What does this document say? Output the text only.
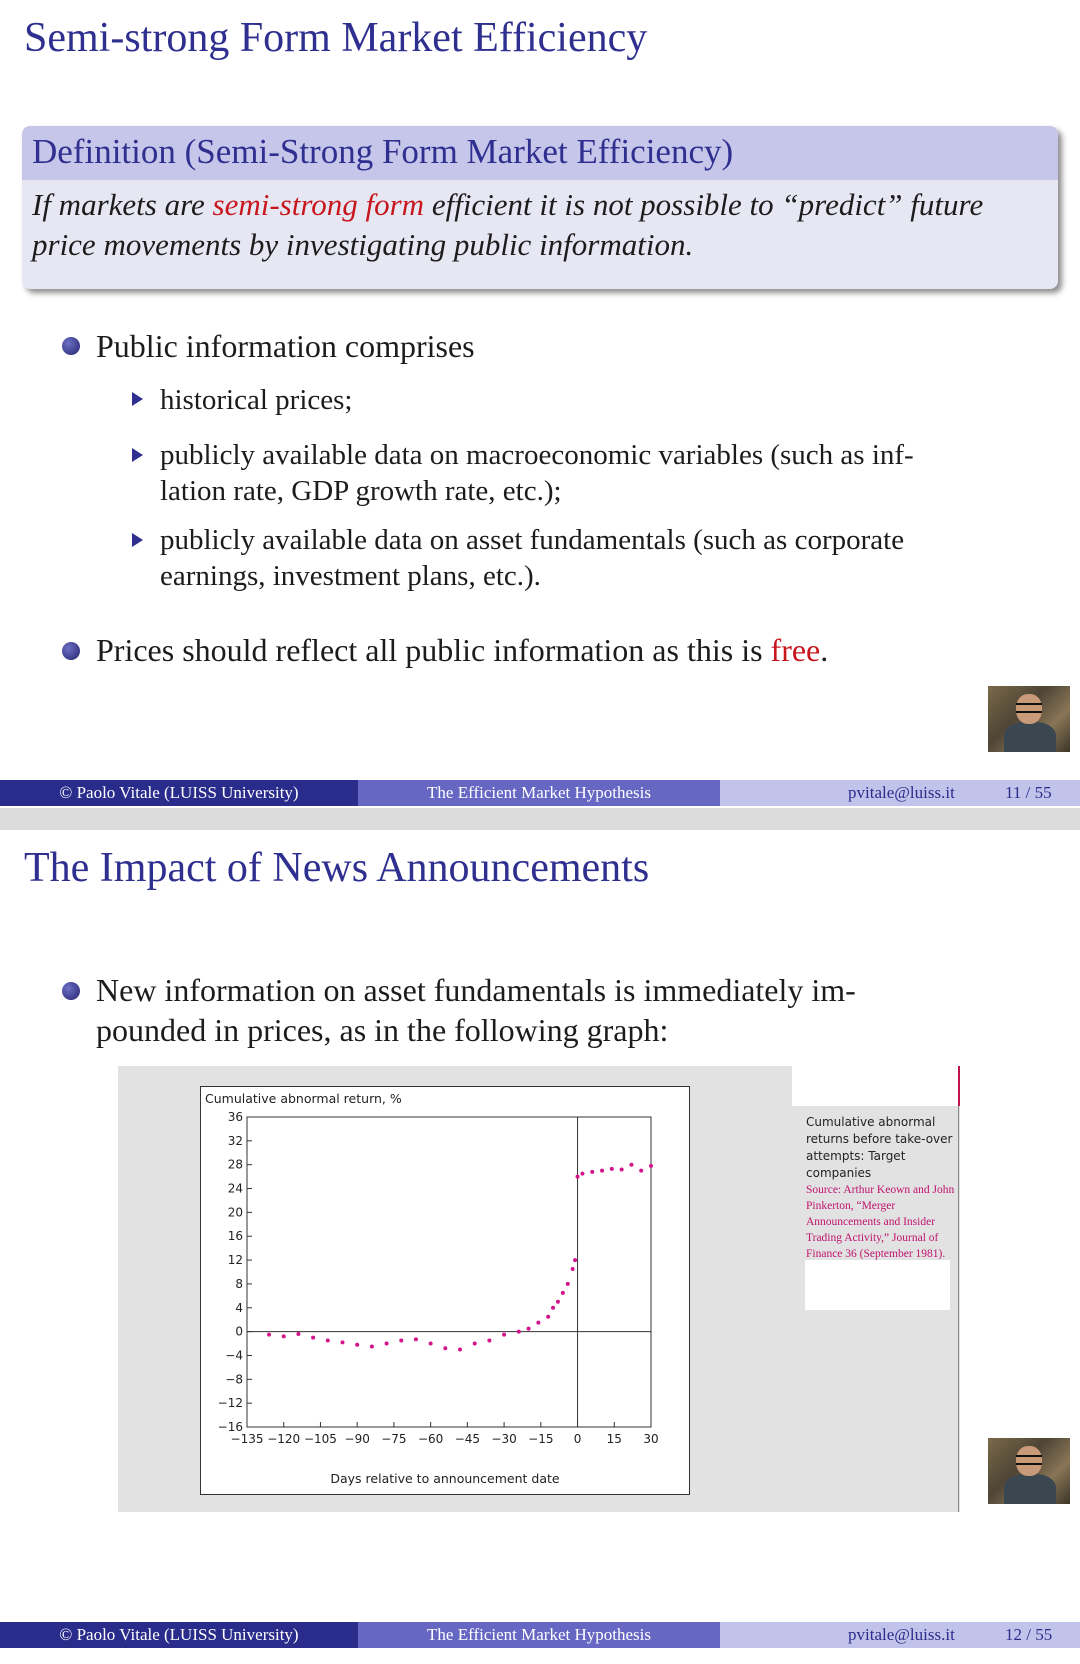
Semi-strong Form Market Efficiency
Definition (Semi-Strong Form Market Efficiency)
If markets are semi-strong form efficient it is not possible to “predict” future
price movements by investigating public information.
Public information comprises
historical prices;
publicly available data on macroeconomic variables (such as inf-
lation rate, GDP growth rate, etc.);
publicly available data on asset fundamentals (such as corporate
earnings, investment plans, etc.).
Prices should reflect all public information as this is free.
© Paolo Vitale (LUISS University)	The Efficient Market Hypothesis	pvitale@luiss.it	11 / 55
The Impact of News Announcements
New information on asset fundamentals is immediately im-
pounded in prices, as in the following graph:
Cumulative abnormal returns before take-over attempts: Target companies
Source: Arthur Keown and John Pinkerton, “Merger Announcements and Insider Trading Activity,” Journal of Finance 36 (September 1981).
Cumulative abnormal return, %
Days relative to announcement date
36
32
28
24
20
16
12
8
4
0
−4
−8
−12
−16
−135 −120 −105 −90 −75 −60 −45 −30 −15 0 15 30
© Paolo Vitale (LUISS University)	The Efficient Market Hypothesis	pvitale@luiss.it	12 / 55
